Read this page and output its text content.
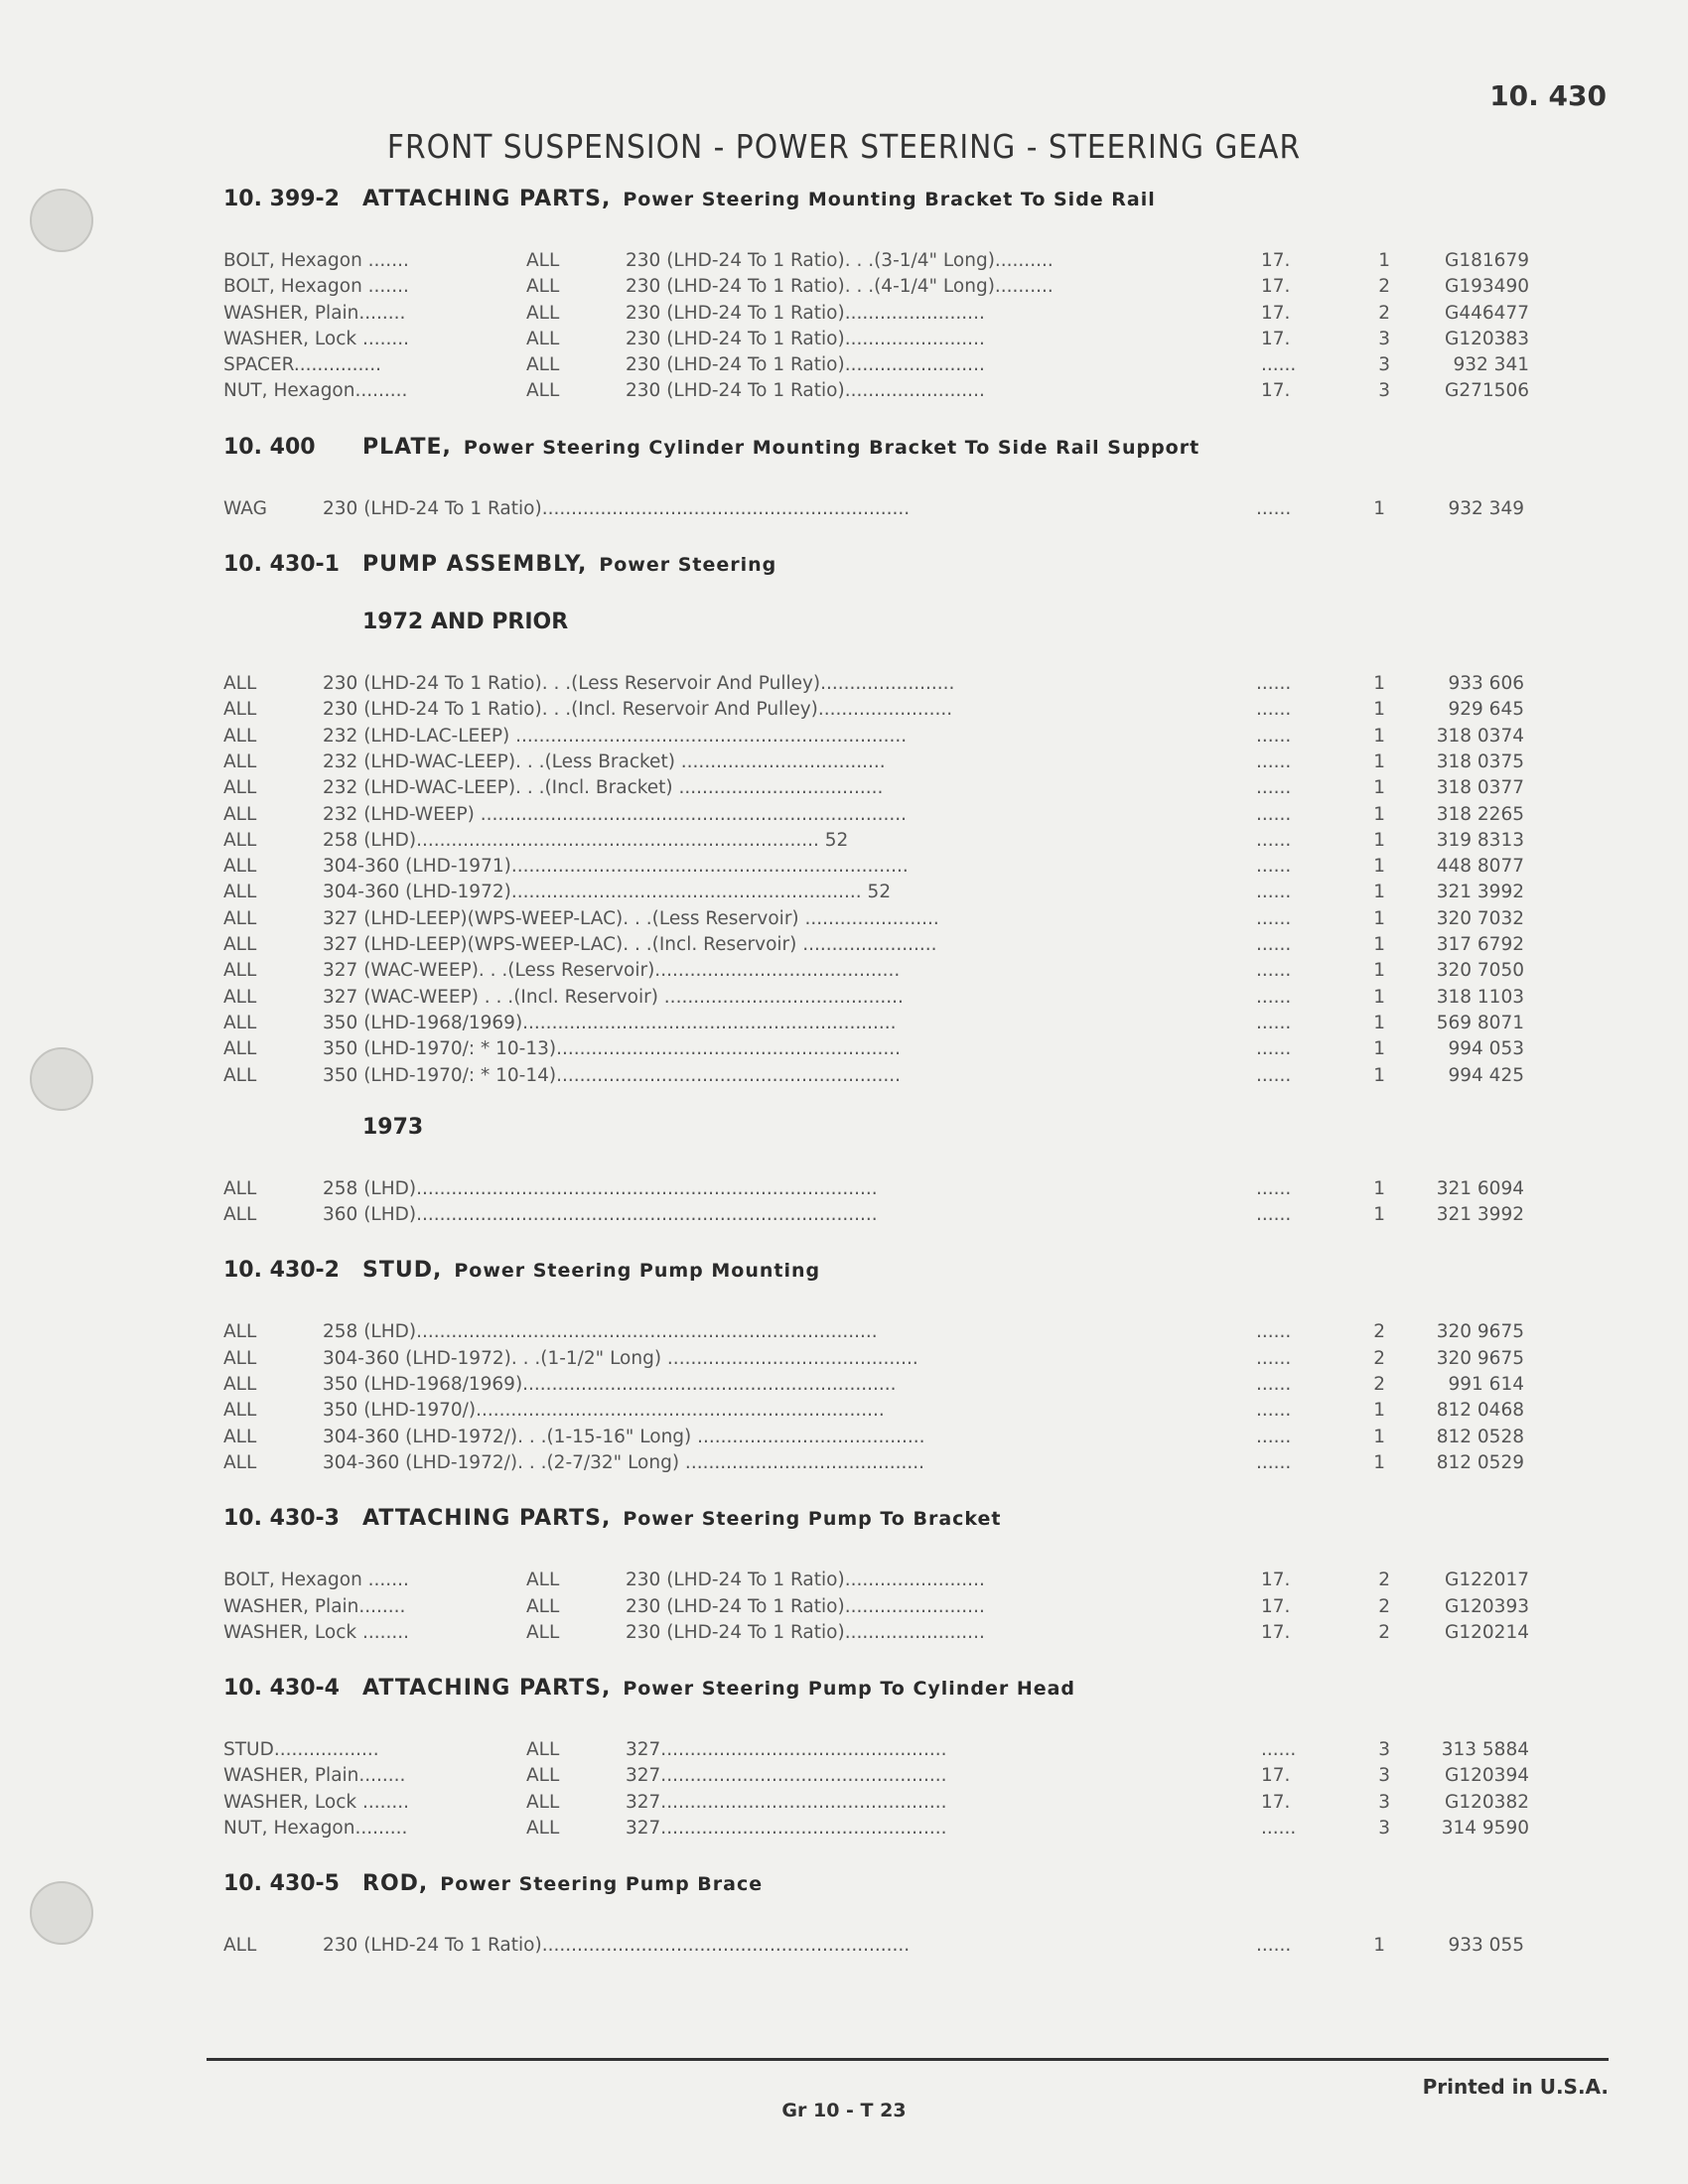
10. 430
FRONT SUSPENSION - POWER STEERING - STEERING GEAR
10. 399-2	ATTACHING PARTS, Power Steering Mounting Bracket To Side Rail
BOLT, Hexagon .......	ALL	230 (LHD-24 To 1 Ratio). . .(3-1/4" Long)..........	17.	1	G181679
BOLT, Hexagon .......	ALL	230 (LHD-24 To 1 Ratio). . .(4-1/4" Long)..........	17.	2	G193490
WASHER, Plain........	ALL	230 (LHD-24 To 1 Ratio)........................	17.	2	G446477
WASHER, Lock ........	ALL	230 (LHD-24 To 1 Ratio)........................	17.	3	G120383
SPACER...............	ALL	230 (LHD-24 To 1 Ratio)........................	......	3	932 341
NUT, Hexagon.........	ALL	230 (LHD-24 To 1 Ratio)........................	17.	3	G271506
10. 400	PLATE, Power Steering Cylinder Mounting Bracket To Side Rail Support
WAG	230 (LHD-24 To 1 Ratio)...............................................................	......	1	932 349
10. 430-1	PUMP ASSEMBLY, Power Steering
1972 AND PRIOR
ALL	230 (LHD-24 To 1 Ratio). . .(Less Reservoir And Pulley).......................	......	1	933 606
ALL	230 (LHD-24 To 1 Ratio). . .(Incl. Reservoir And Pulley).......................	......	1	929 645
ALL	232 (LHD-LAC-LEEP) ...................................................................	......	1	318 0374
ALL	232 (LHD-WAC-LEEP). . .(Less Bracket) ...................................	......	1	318 0375
ALL	232 (LHD-WAC-LEEP). . .(Incl. Bracket) ...................................	......	1	318 0377
ALL	232 (LHD-WEEP) .........................................................................	......	1	318 2265
ALL	258 (LHD)..................................................................... 52	......	1	319 8313
ALL	304-360 (LHD-1971)....................................................................	......	1	448 8077
ALL	304-360 (LHD-1972)............................................................ 52	......	1	321 3992
ALL	327 (LHD-LEEP)(WPS-WEEP-LAC). . .(Less Reservoir) .......................	......	1	320 7032
ALL	327 (LHD-LEEP)(WPS-WEEP-LAC). . .(Incl. Reservoir) .......................	......	1	317 6792
ALL	327 (WAC-WEEP). . .(Less Reservoir)..........................................	......	1	320 7050
ALL	327 (WAC-WEEP) . . .(Incl. Reservoir) .........................................	......	1	318 1103
ALL	350 (LHD-1968/1969)................................................................	......	1	569 8071
ALL	350 (LHD-1970/: * 10-13)...........................................................	......	1	994 053
ALL	350 (LHD-1970/: * 10-14)...........................................................	......	1	994 425
1973
ALL	258 (LHD)...............................................................................	......	1	321 6094
ALL	360 (LHD)...............................................................................	......	1	321 3992
10. 430-2	STUD, Power Steering Pump Mounting
ALL	258 (LHD)...............................................................................	......	2	320 9675
ALL	304-360 (LHD-1972). . .(1-1/2" Long) ...........................................	......	2	320 9675
ALL	350 (LHD-1968/1969)................................................................	......	2	991 614
ALL	350 (LHD-1970/)......................................................................	......	1	812 0468
ALL	304-360 (LHD-1972/). . .(1-15-16" Long) .......................................	......	1	812 0528
ALL	304-360 (LHD-1972/). . .(2-7/32" Long) .........................................	......	1	812 0529
10. 430-3	ATTACHING PARTS, Power Steering Pump To Bracket
BOLT, Hexagon .......	ALL	230 (LHD-24 To 1 Ratio)........................	17.	2	G122017
WASHER, Plain........	ALL	230 (LHD-24 To 1 Ratio)........................	17.	2	G120393
WASHER, Lock ........	ALL	230 (LHD-24 To 1 Ratio)........................	17.	2	G120214
10. 430-4	ATTACHING PARTS, Power Steering Pump To Cylinder Head
STUD..................	ALL	327.................................................	......	3	313 5884
WASHER, Plain........	ALL	327.................................................	17.	3	G120394
WASHER, Lock ........	ALL	327.................................................	17.	3	G120382
NUT, Hexagon.........	ALL	327.................................................	......	3	314 9590
10. 430-5	ROD, Power Steering Pump Brace
ALL	230 (LHD-24 To 1 Ratio)...............................................................	......	1	933 055
Printed in U.S.A.
Gr 10 - T 23
